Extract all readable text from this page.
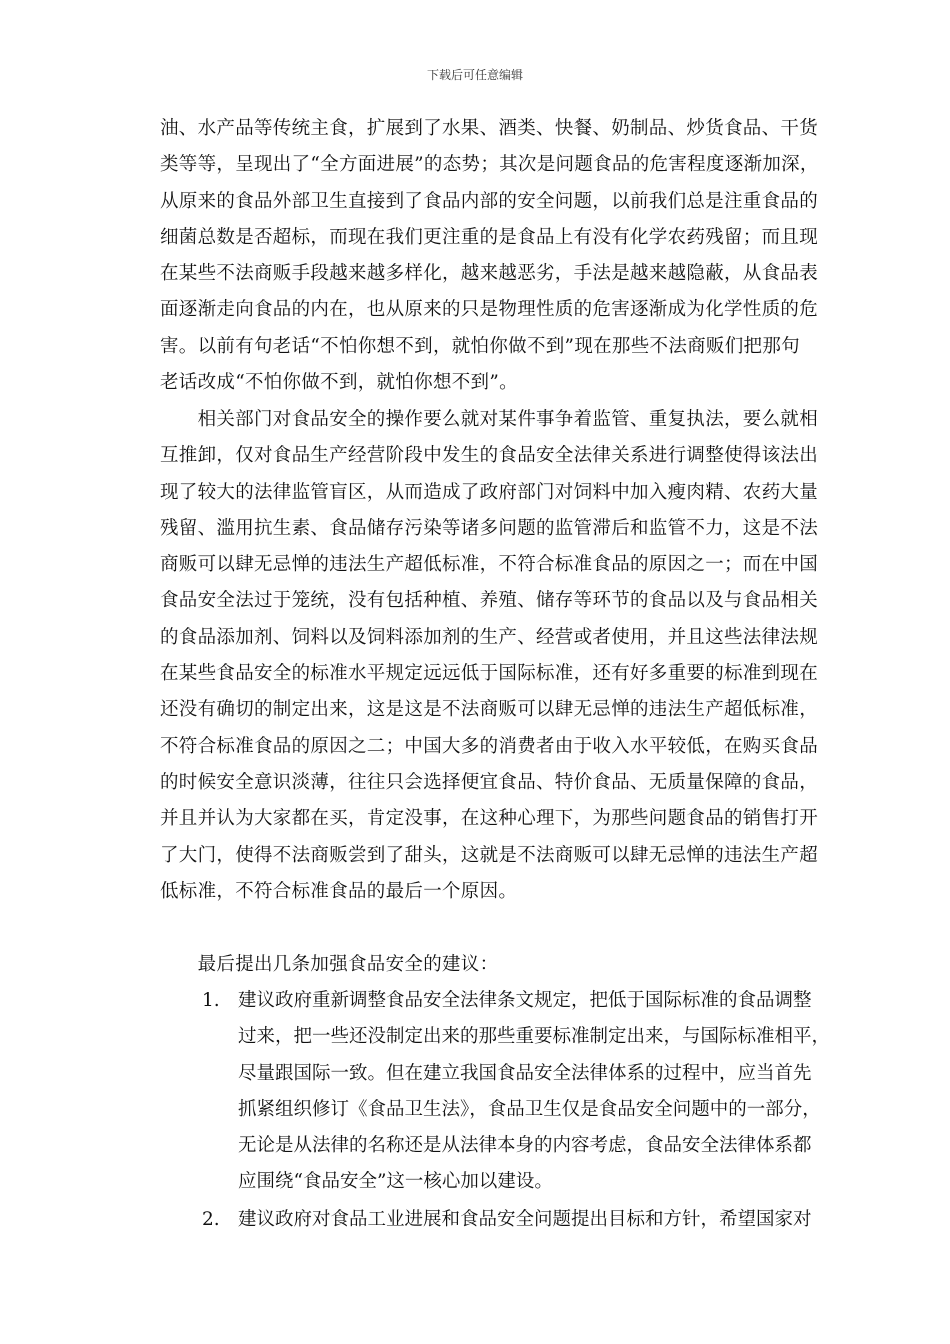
下载后可任意编辑
油、水产品等传统主食，扩展到了水果、酒类、快餐、奶制品、炒货食品、干货
类等等，呈现出了“全方面进展”的态势；其次是问题食品的危害程度逐渐加深，
从原来的食品外部卫生直接到了食品内部的安全问题，以前我们总是注重食品的
细菌总数是否超标，而现在我们更注重的是食品上有没有化学农药残留；而且现
在某些不法商贩手段越来越多样化，越来越恶劣，手法是越来越隐蔽，从食品表
面逐渐走向食品的内在，也从原来的只是物理性质的危害逐渐成为化学性质的危
害。以前有句老话“不怕你想不到，就怕你做不到”现在那些不法商贩们把那句
老话改成“不怕你做不到，就怕你想不到”。
　　相关部门对食品安全的操作要么就对某件事争着监管、重复执法，要么就相
互推卸，仅对食品生产经营阶段中发生的食品安全法律关系进行调整使得该法出
现了较大的法律监管盲区，从而造成了政府部门对饲料中加入瘦肉精、农药大量
残留、滥用抗生素、食品储存污染等诸多问题的监管滞后和监管不力，这是不法
商贩可以肆无忌惮的违法生产超低标准，不符合标准食品的原因之一；而在中国
食品安全法过于笼统，没有包括种植、养殖、储存等环节的食品以及与食品相关
的食品添加剂、饲料以及饲料添加剂的生产、经营或者使用，并且这些法律法规
在某些食品安全的标准水平规定远远低于国际标准，还有好多重要的标准到现在
还没有确切的制定出来，这是这是不法商贩可以肆无忌惮的违法生产超低标准，
不符合标准食品的原因之二；中国大多的消费者由于收入水平较低，在购买食品
的时候安全意识淡薄，往往只会选择便宜食品、特价食品、无质量保障的食品，
并且并认为大家都在买，肯定没事，在这种心理下，为那些问题食品的销售打开
了大门，使得不法商贩尝到了甜头，这就是不法商贩可以肆无忌惮的违法生产超
低标准，不符合标准食品的最后一个原因。
　　最后提出几条加强食品安全的建议：
1. 建议政府重新调整食品安全法律条文规定，把低于国际标准的食品调整
过来，把一些还没制定出来的那些重要标准制定出来，与国际标准相平，
尽量跟国际一致。但在建立我国食品安全法律体系的过程中，应当首先
抓紧组织修订《食品卫生法》，食品卫生仅是食品安全问题中的一部分，
无论是从法律的名称还是从法律本身的内容考虑，食品安全法律体系都
应围绕“食品安全”这一核心加以建设。
2. 建议政府对食品工业进展和食品安全问题提出目标和方针，希望国家对
